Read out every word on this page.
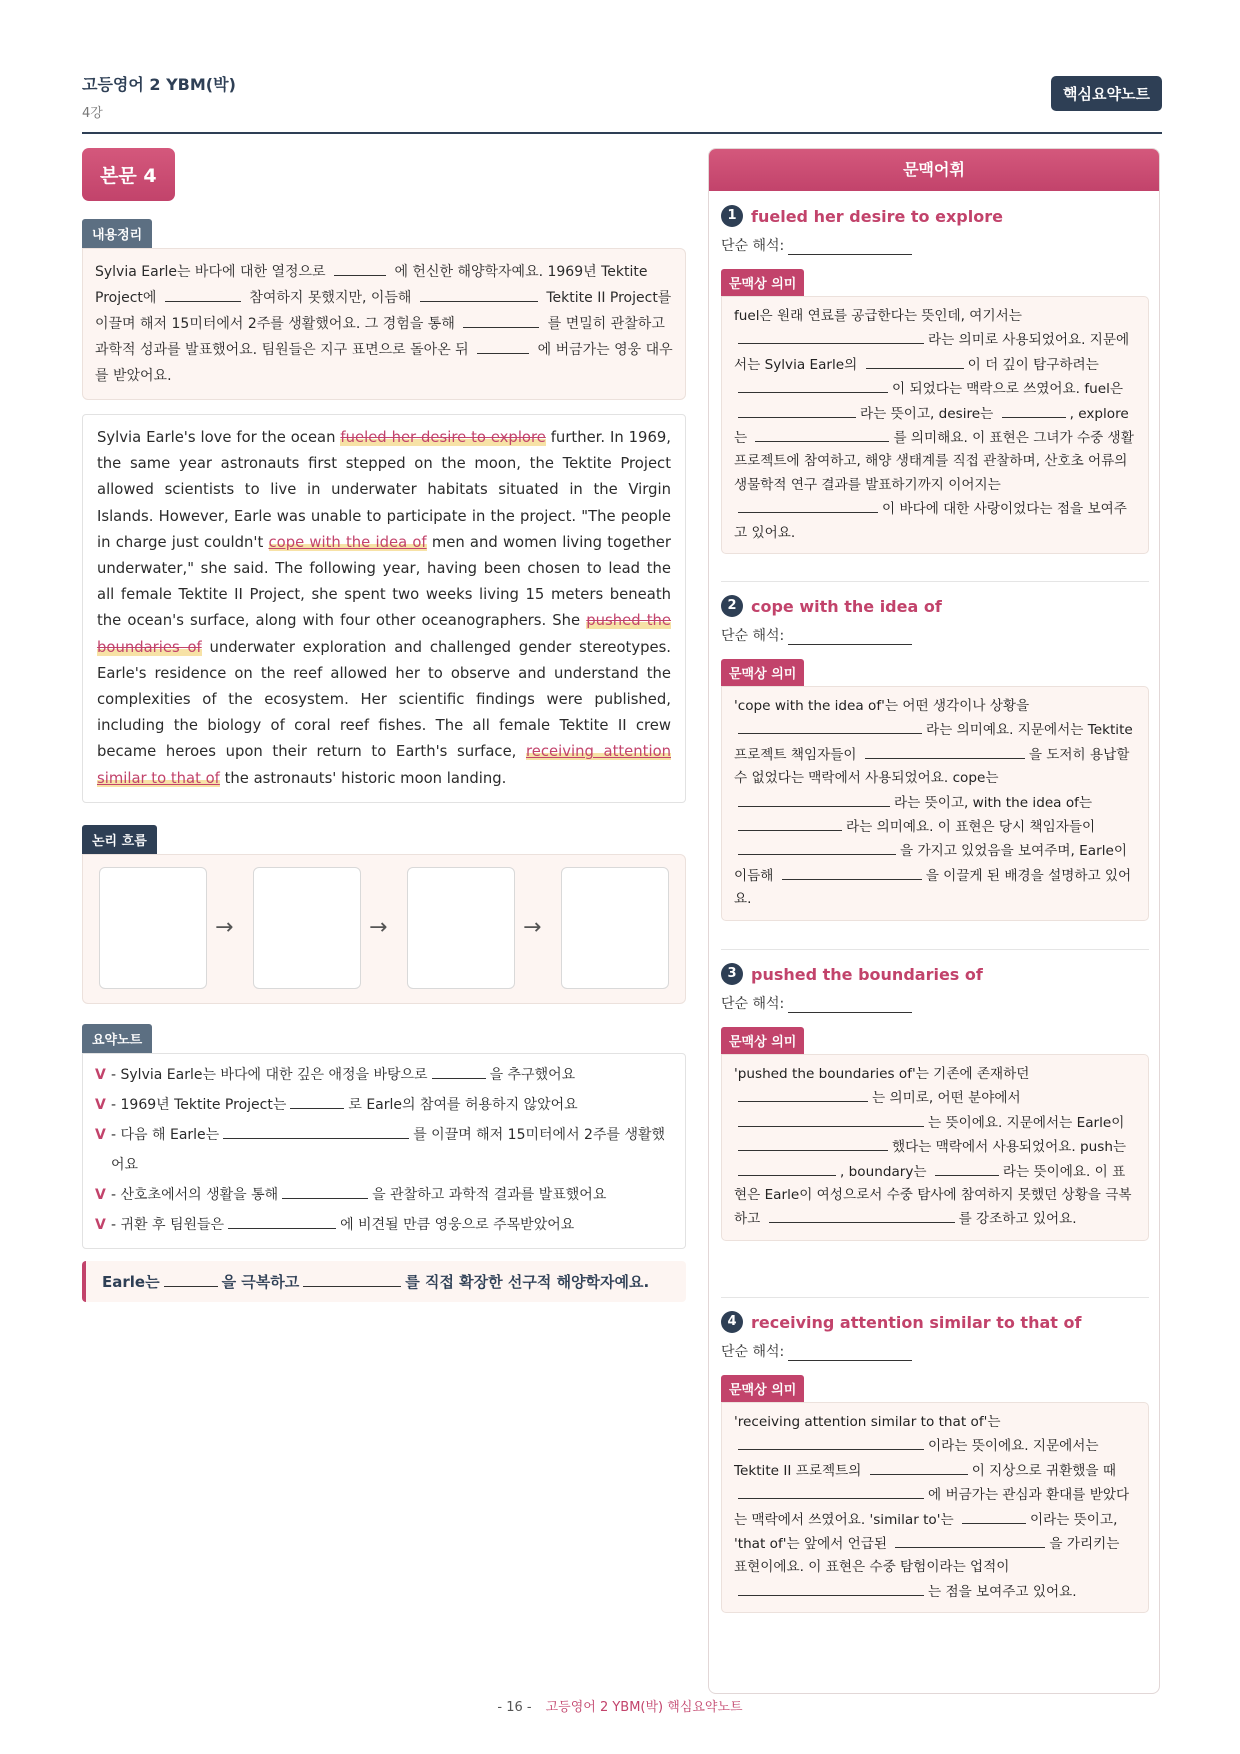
고등영어 2 YBM(박)
4강
핵심요약노트
본문 4
내용정리
Sylvia Earle는 바다에 대한 열정으로	에 헌신한 해양학자예요. 1969년 Tektite Project에	참여하지 못했지만, 이듬해	Tektite II Project를 이끌며 해저 15미터에서 2주를 생활했어요. 그 경험을 통해	를 면밀히 관찰하고 과학적 성과를 발표했어요. 팀원들은 지구 표면으로 돌아온 뒤	에 버금가는 영웅 대우를 받았어요.
Sylvia Earle's love for the ocean fueled her desire to explore further. In 1969, the same year astronauts first stepped on the moon, the Tektite Project allowed scientists to live in underwater habitats situated in the Virgin Islands. However, Earle was unable to participate in the project. "The people in charge just couldn't cope with the idea of men and women living together underwater," she said. The following year, having been chosen to lead the all female Tektite II Project, she spent two weeks living 15 meters beneath the ocean's surface, along with four other oceanographers. She pushed the boundaries of underwater exploration and challenged gender stereotypes. Earle's residence on the reef allowed her to observe and understand the complexities of the ecosystem. Her scientific findings were published, including the biology of coral reef fishes. The all female Tektite II crew became heroes upon their return to Earth's surface, receiving attention similar to that of the astronauts' historic moon landing.
논리 흐름
→	→	→
요약노트
V - Sylvia Earle는 바다에 대한 깊은 애정을 바탕으로	을 추구했어요
V - 1969년 Tektite Project는	로 Earle의 참여를 허용하지 않았어요
V - 다음 해 Earle는	를 이끌며 해저 15미터에서 2주를 생활했어요
V - 산호초에서의 생활을 통해	을 관찰하고 과학적 결과를 발표했어요
V - 귀환 후 팀원들은	에 비견될 만큼 영웅으로 주목받았어요
Earle는	을 극복하고	를 직접 확장한 선구적 해양학자예요.
문맥어휘
1 fueled her desire to explore
단순 해석:
문맥상 의미
fuel은 원래 연료를 공급한다는 뜻인데, 여기서는 라는 의미로 사용되었어요. 지문에서는 Sylvia Earle의	이 더 깊이 탐구하려는 이 되었다는 맥락으로 쓰였어요. fuel은 라는 뜻이고, desire는	, explore는	를 의미해요. 이 표현은 그녀가 수중 생활 프로젝트에 참여하고, 해양 생태계를 직접 관찰하며, 산호초 어류의 생물학적 연구 결과를 발표하기까지 이어지는 이 바다에 대한 사랑이었다는 점을 보여주고 있어요.
2 cope with the idea of
단순 해석:
문맥상 의미
'cope with the idea of'는 어떤 생각이나 상황을 라는 의미예요. 지문에서는 Tektite 프로젝트 책임자들이	을 도저히 용납할 수 없었다는 맥락에서 사용되었어요. cope는 라는 뜻이고, with the idea of는 라는 의미예요. 이 표현은 당시 책임자들이 을 가지고 있었음을 보여주며, Earle이 이듬해	을 이끌게 된 배경을 설명하고 있어요.
3 pushed the boundaries of
단순 해석:
문맥상 의미
'pushed the boundaries of'는 기존에 존재하던 는 의미로, 어떤 분야에서 는 뜻이에요. 지문에서는 Earle이 했다는 맥락에서 사용되었어요. push는 , boundary는	라는 뜻이에요. 이 표현은 Earle이 여성으로서 수중 탐사에 참여하지 못했던 상황을 극복하고	를 강조하고 있어요.
4 receiving attention similar to that of
단순 해석:
문맥상 의미
'receiving attention similar to that of'는 이라는 뜻이에요. 지문에서는 Tektite II 프로젝트의	이 지상으로 귀환했을 때 에 버금가는 관심과 환대를 받았다는 맥락에서 쓰였어요. 'similar to'는	이라는 뜻이고, 'that of'는 앞에서 언급된	을 가리키는 표현이에요. 이 표현은 수중 탐험이라는 업적이 는 점을 보여주고 있어요.
- 16 - 고등영어 2 YBM(박) 핵심요약노트
